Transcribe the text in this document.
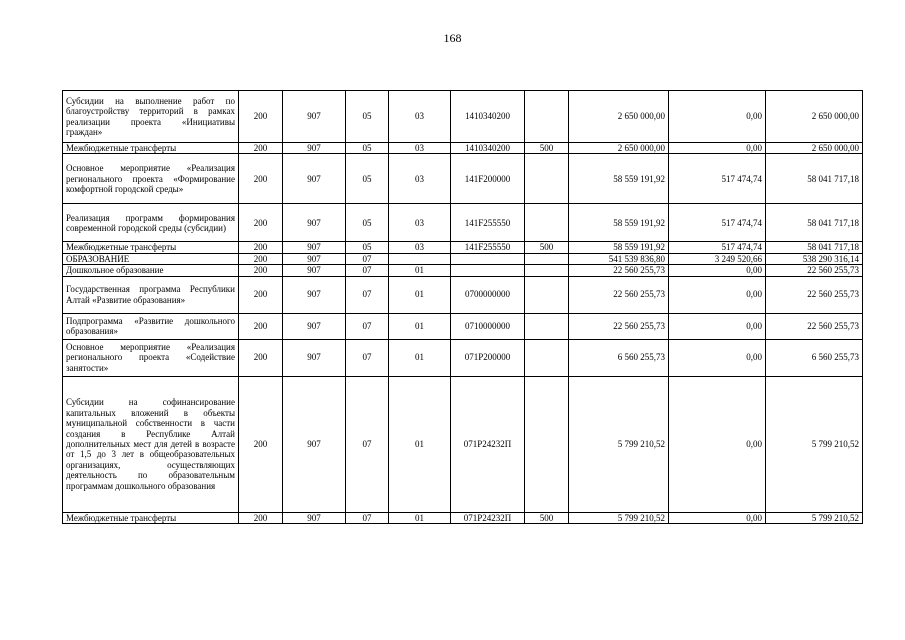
168
Субсидии на выполнение работ по благоустройству территорий в рамках реализации проекта «Инициативы граждан»	200	907	05	03	1410340200		2 650 000,00	0,00	2 650 000,00
Межбюджетные трансферты	200	907	05	03	1410340200	500	2 650 000,00	0,00	2 650 000,00
Основное мероприятие «Реализация регионального проекта «Формирование комфортной городской среды»	200	907	05	03	141F200000		58 559 191,92	517 474,74	58 041 717,18
Реализация программ формирования современной городской среды (субсидии)	200	907	05	03	141F255550		58 559 191,92	517 474,74	58 041 717,18
Межбюджетные трансферты	200	907	05	03	141F255550	500	58 559 191,92	517 474,74	58 041 717,18
ОБРАЗОВАНИЕ	200	907	07				541 539 836,80	3 249 520,66	538 290 316,14
Дошкольное образование	200	907	07	01			22 560 255,73	0,00	22 560 255,73
Государственная программа Республики Алтай «Развитие образования»	200	907	07	01	0700000000		22 560 255,73	0,00	22 560 255,73
Подпрограмма «Развитие дошкольного образования»	200	907	07	01	0710000000		22 560 255,73	0,00	22 560 255,73
Основное мероприятие «Реализация регионального проекта «Содействие занятости»	200	907	07	01	071P200000		6 560 255,73	0,00	6 560 255,73
Субсидии на софинансирование капитальных вложений в объекты муниципальной собственности в части создания в Республике Алтай дополнительных мест для детей в возрасте от 1,5 до 3 лет в общеобразовательных организациях, осуществляющих деятельность по образовательным программам дошкольного образования	200	907	07	01	071P24232П		5 799 210,52	0,00	5 799 210,52
Межбюджетные трансферты	200	907	07	01	071P24232П	500	5 799 210,52	0,00	5 799 210,52
